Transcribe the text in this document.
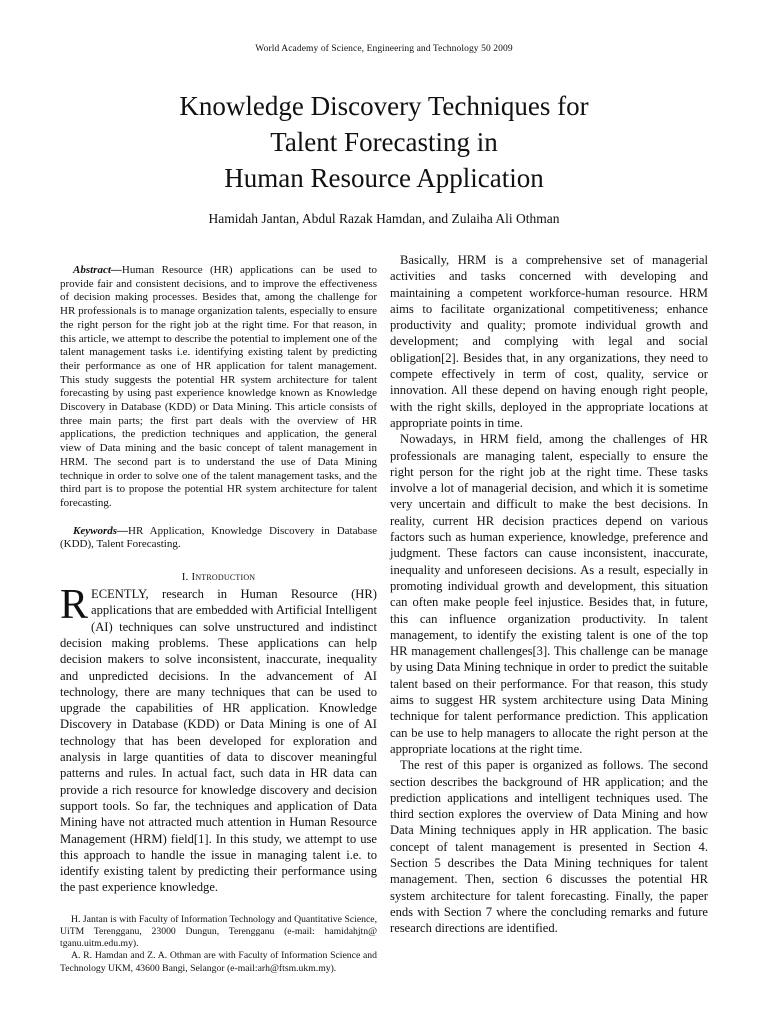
World Academy of Science, Engineering and Technology 50 2009
Knowledge Discovery Techniques for
Talent Forecasting in
Human Resource Application
Hamidah Jantan, Abdul Razak Hamdan, and Zulaiha Ali Othman

Abstract—Human Resource (HR) applications can be used to provide fair and consistent decisions, and to improve the effectiveness of decision making processes. Besides that, among the challenge for HR professionals is to manage organization talents, especially to ensure the right person for the right job at the right time. For that reason, in this article, we attempt to describe the potential to implement one of the talent management tasks i.e. identifying existing talent by predicting their performance as one of HR application for talent management. This study suggests the potential HR system architecture for talent forecasting by using past experience knowledge known as Knowledge Discovery in Database (KDD) or Data Mining. This article consists of three main parts; the first part deals with the overview of HR applications, the prediction techniques and application, the general view of Data mining and the basic concept of talent management in HRM. The second part is to understand the use of Data Mining technique in order to solve one of the talent management tasks, and the third part is to propose the potential HR system architecture for talent forecasting.

Keywords—HR Application, Knowledge Discovery in Database (KDD), Talent Forecasting.

I. Introduction

RECENTLY, research in Human Resource (HR) applications that are embedded with Artificial Intelligent (AI) techniques can solve unstructured and indistinct decision making problems. These applications can help decision makers to solve inconsistent, inaccurate, inequality and unpredicted decisions. In the advancement of AI technology, there are many techniques that can be used to upgrade the capabilities of HR application. Knowledge Discovery in Database (KDD) or Data Mining is one of AI technology that has been developed for exploration and analysis in large quantities of data to discover meaningful patterns and rules. In actual fact, such data in HR data can provide a rich resource for knowledge discovery and decision support tools. So far, the techniques and application of Data Mining have not attracted much attention in Human Resource Management (HRM) field[1]. In this study, we attempt to use this approach to handle the issue in managing talent i.e. to identify existing talent by predicting their performance using the past experience knowledge.

H. Jantan is with Faculty of Information Technology and Quantitative Science, UiTM Terengganu, 23000 Dungun, Terengganu (e-mail: hamidahjtn@ tganu.uitm.edu.my).

A. R. Hamdan and Z. A. Othman are with Faculty of Information Science and Technology UKM, 43600 Bangi, Selangor (e-mail:arh@ftsm.ukm.my).

Basically, HRM is a comprehensive set of managerial activities and tasks concerned with developing and maintaining a competent workforce-human resource. HRM aims to facilitate organizational competitiveness; enhance productivity and quality; promote individual growth and development; and complying with legal and social obligation[2]. Besides that, in any organizations, they need to compete effectively in term of cost, quality, service or innovation. All these depend on having enough right people, with the right skills, deployed in the appropriate locations at appropriate points in time.

Nowadays, in HRM field, among the challenges of HR professionals are managing talent, especially to ensure the right person for the right job at the right time. These tasks involve a lot of managerial decision, and which it is sometime very uncertain and difficult to make the best decisions. In reality, current HR decision practices depend on various factors such as human experience, knowledge, preference and judgment. These factors can cause inconsistent, inaccurate, inequality and unforeseen decisions. As a result, especially in promoting individual growth and development, this situation can often make people feel injustice. Besides that, in future, this can influence organization productivity. In talent management, to identify the existing talent is one of the top HR management challenges[3]. This challenge can be manage by using Data Mining technique in order to predict the suitable talent based on their performance. For that reason, this study aims to suggest HR system architecture using Data Mining technique for talent performance prediction. This application can be use to help managers to allocate the right person at the appropriate locations at the right time.

The rest of this paper is organized as follows. The second section describes the background of HR application; and the prediction applications and intelligent techniques used. The third section explores the overview of Data Mining and how Data Mining techniques apply in HR application. The basic concept of talent management is presented in Section 4. Section 5 describes the Data Mining techniques for talent management. Then, section 6 discusses the potential HR system architecture for talent forecasting. Finally, the paper ends with Section 7 where the concluding remarks and future research directions are identified.
